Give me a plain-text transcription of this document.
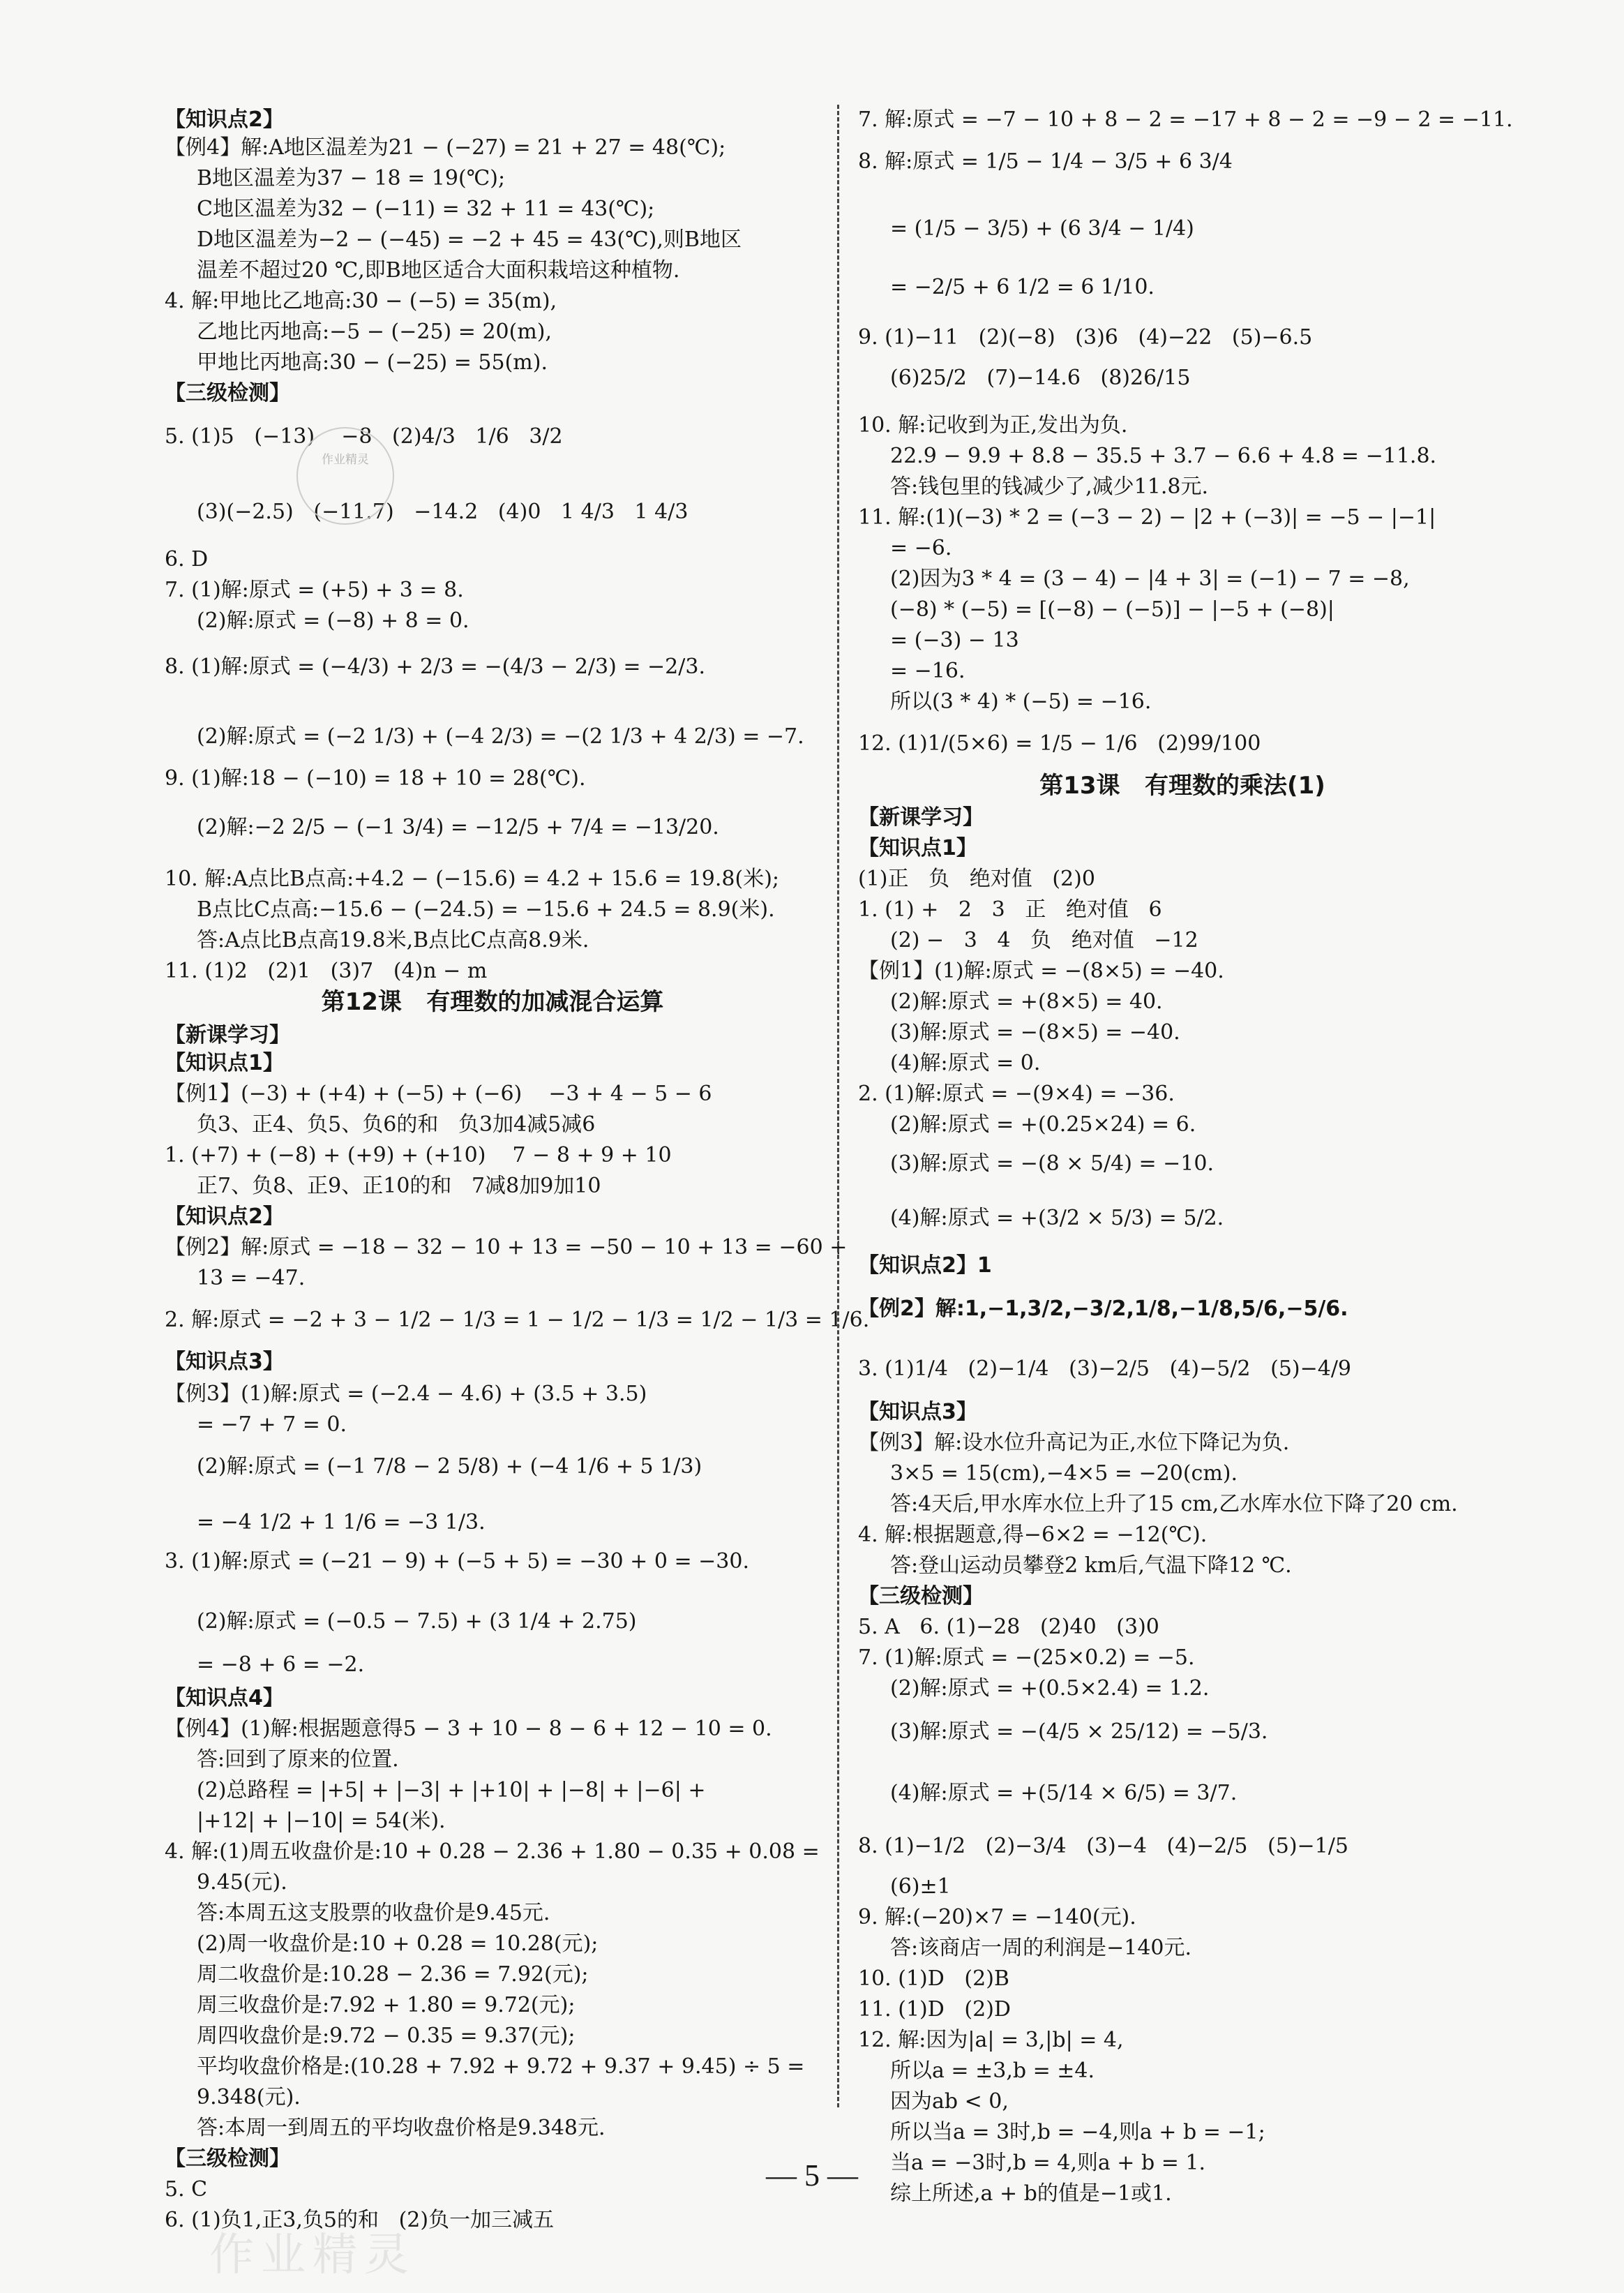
【知识点2】
【例4】解:A地区温差为21 − (−27) = 21 + 27 = 48(℃);
B地区温差为37 − 18 = 19(℃);
C地区温差为32 − (−11) = 32 + 11 = 43(℃);
D地区温差为−2 − (−45) = −2 + 45 = 43(℃),则B地区
温差不超过20 ℃,即B地区适合大面积栽培这种植物.
4. 解:甲地比乙地高:30 − (−5) = 35(m),
乙地比丙地高:−5 − (−25) = 20(m),
甲地比丙地高:30 − (−25) = 55(m).
【三级检测】
5. (1)5   (−13)    −8   (2)4/3   1/6   3/2
(3)(−2.5)   (−11.7)   −14.2   (4)0   1 4/3   1 4/3
6. D
7. (1)解:原式 = (+5) + 3 = 8.
(2)解:原式 = (−8) + 8 = 0.
8. (1)解:原式 = (−4/3) + 2/3 = −(4/3 − 2/3) = −2/3.
(2)解:原式 = (−2 1/3) + (−4 2/3) = −(2 1/3 + 4 2/3) = −7.
9. (1)解:18 − (−10) = 18 + 10 = 28(℃).
(2)解:−2 2/5 − (−1 3/4) = −12/5 + 7/4 = −13/20.
10. 解:A点比B点高:+4.2 − (−15.6) = 4.2 + 15.6 = 19.8(米);
B点比C点高:−15.6 − (−24.5) = −15.6 + 24.5 = 8.9(米).
答:A点比B点高19.8米,B点比C点高8.9米.
11. (1)2   (2)1   (3)7   (4)n − m
第12课   有理数的加减混合运算
【新课学习】
【知识点1】
【例1】(−3) + (+4) + (−5) + (−6)    −3 + 4 − 5 − 6
负3、正4、负5、负6的和   负3加4减5减6
1. (+7) + (−8) + (+9) + (+10)    7 − 8 + 9 + 10
正7、负8、正9、正10的和   7减8加9加10
【知识点2】
【例2】解:原式 = −18 − 32 − 10 + 13 = −50 − 10 + 13 = −60 +
13 = −47.
2. 解:原式 = −2 + 3 − 1/2 − 1/3 = 1 − 1/2 − 1/3 = 1/2 − 1/3 = 1/6.
【知识点3】
【例3】(1)解:原式 = (−2.4 − 4.6) + (3.5 + 3.5)
= −7 + 7 = 0.
(2)解:原式 = (−1 7/8 − 2 5/8) + (−4 1/6 + 5 1/3)
= −4 1/2 + 1 1/6 = −3 1/3.
3. (1)解:原式 = (−21 − 9) + (−5 + 5) = −30 + 0 = −30.
(2)解:原式 = (−0.5 − 7.5) + (3 1/4 + 2.75)
= −8 + 6 = −2.
【知识点4】
【例4】(1)解:根据题意得5 − 3 + 10 − 8 − 6 + 12 − 10 = 0.
答:回到了原来的位置.
(2)总路程 = |+5| + |−3| + |+10| + |−8| + |−6| +
|+12| + |−10| = 54(米).
4. 解:(1)周五收盘价是:10 + 0.28 − 2.36 + 1.80 − 0.35 + 0.08 =
9.45(元).
答:本周五这支股票的收盘价是9.45元.
(2)周一收盘价是:10 + 0.28 = 10.28(元);
周二收盘价是:10.28 − 2.36 = 7.92(元);
周三收盘价是:7.92 + 1.80 = 9.72(元);
周四收盘价是:9.72 − 0.35 = 9.37(元);
平均收盘价格是:(10.28 + 7.92 + 9.72 + 9.37 + 9.45) ÷ 5 =
9.348(元).
答:本周一到周五的平均收盘价格是9.348元.
【三级检测】
5. C
6. (1)负1,正3,负5的和   (2)负一加三减五
7. 解:原式 = −7 − 10 + 8 − 2 = −17 + 8 − 2 = −9 − 2 = −11.
8. 解:原式 = 1/5 − 1/4 − 3/5 + 6 3/4
= (1/5 − 3/5) + (6 3/4 − 1/4)
= −2/5 + 6 1/2 = 6 1/10.
9. (1)−11   (2)(−8)   (3)6   (4)−22   (5)−6.5
(6)25/2   (7)−14.6   (8)26/15
10. 解:记收到为正,发出为负.
22.9 − 9.9 + 8.8 − 35.5 + 3.7 − 6.6 + 4.8 = −11.8.
答:钱包里的钱减少了,减少11.8元.
11. 解:(1)(−3) * 2 = (−3 − 2) − |2 + (−3)| = −5 − |−1|
= −6.
(2)因为3 * 4 = (3 − 4) − |4 + 3| = (−1) − 7 = −8,
(−8) * (−5) = [(−8) − (−5)] − |−5 + (−8)|
= (−3) − 13
= −16.
所以(3 * 4) * (−5) = −16.
12. (1)1/(5×6) = 1/5 − 1/6   (2)99/100
第13课   有理数的乘法(1)
【新课学习】
【知识点1】
(1)正   负   绝对值   (2)0
1. (1) +   2   3   正   绝对值   6
(2) −   3   4   负   绝对值   −12
【例1】(1)解:原式 = −(8×5) = −40.
(2)解:原式 = +(8×5) = 40.
(3)解:原式 = −(8×5) = −40.
(4)解:原式 = 0.
2. (1)解:原式 = −(9×4) = −36.
(2)解:原式 = +(0.25×24) = 6.
(3)解:原式 = −(8 × 5/4) = −10.
(4)解:原式 = +(3/2 × 5/3) = 5/2.
【知识点2】1
【例2】解:1,−1,3/2,−3/2,1/8,−1/8,5/6,−5/6.
3. (1)1/4   (2)−1/4   (3)−2/5   (4)−5/2   (5)−4/9
【知识点3】
【例3】解:设水位升高记为正,水位下降记为负.
3×5 = 15(cm),−4×5 = −20(cm).
答:4天后,甲水库水位上升了15 cm,乙水库水位下降了20 cm.
4. 解:根据题意,得−6×2 = −12(℃).
答:登山运动员攀登2 km后,气温下降12 ℃.
【三级检测】
5. A   6. (1)−28   (2)40   (3)0
7. (1)解:原式 = −(25×0.2) = −5.
(2)解:原式 = +(0.5×2.4) = 1.2.
(3)解:原式 = −(4/5 × 25/12) = −5/3.
(4)解:原式 = +(5/14 × 6/5) = 3/7.
8. (1)−1/2   (2)−3/4   (3)−4   (4)−2/5   (5)−1/5
(6)±1
9. 解:(−20)×7 = −140(元).
答:该商店一周的利润是−140元.
10. (1)D   (2)B
11. (1)D   (2)D
12. 解:因为|a| = 3,|b| = 4,
所以a = ±3,b = ±4.
因为ab < 0,
所以当a = 3时,b = −4,则a + b = −1;
当a = −3时,b = 4,则a + b = 1.
综上所述,a + b的值是−1或1.
作业精灵
— 5 —
作业精灵
